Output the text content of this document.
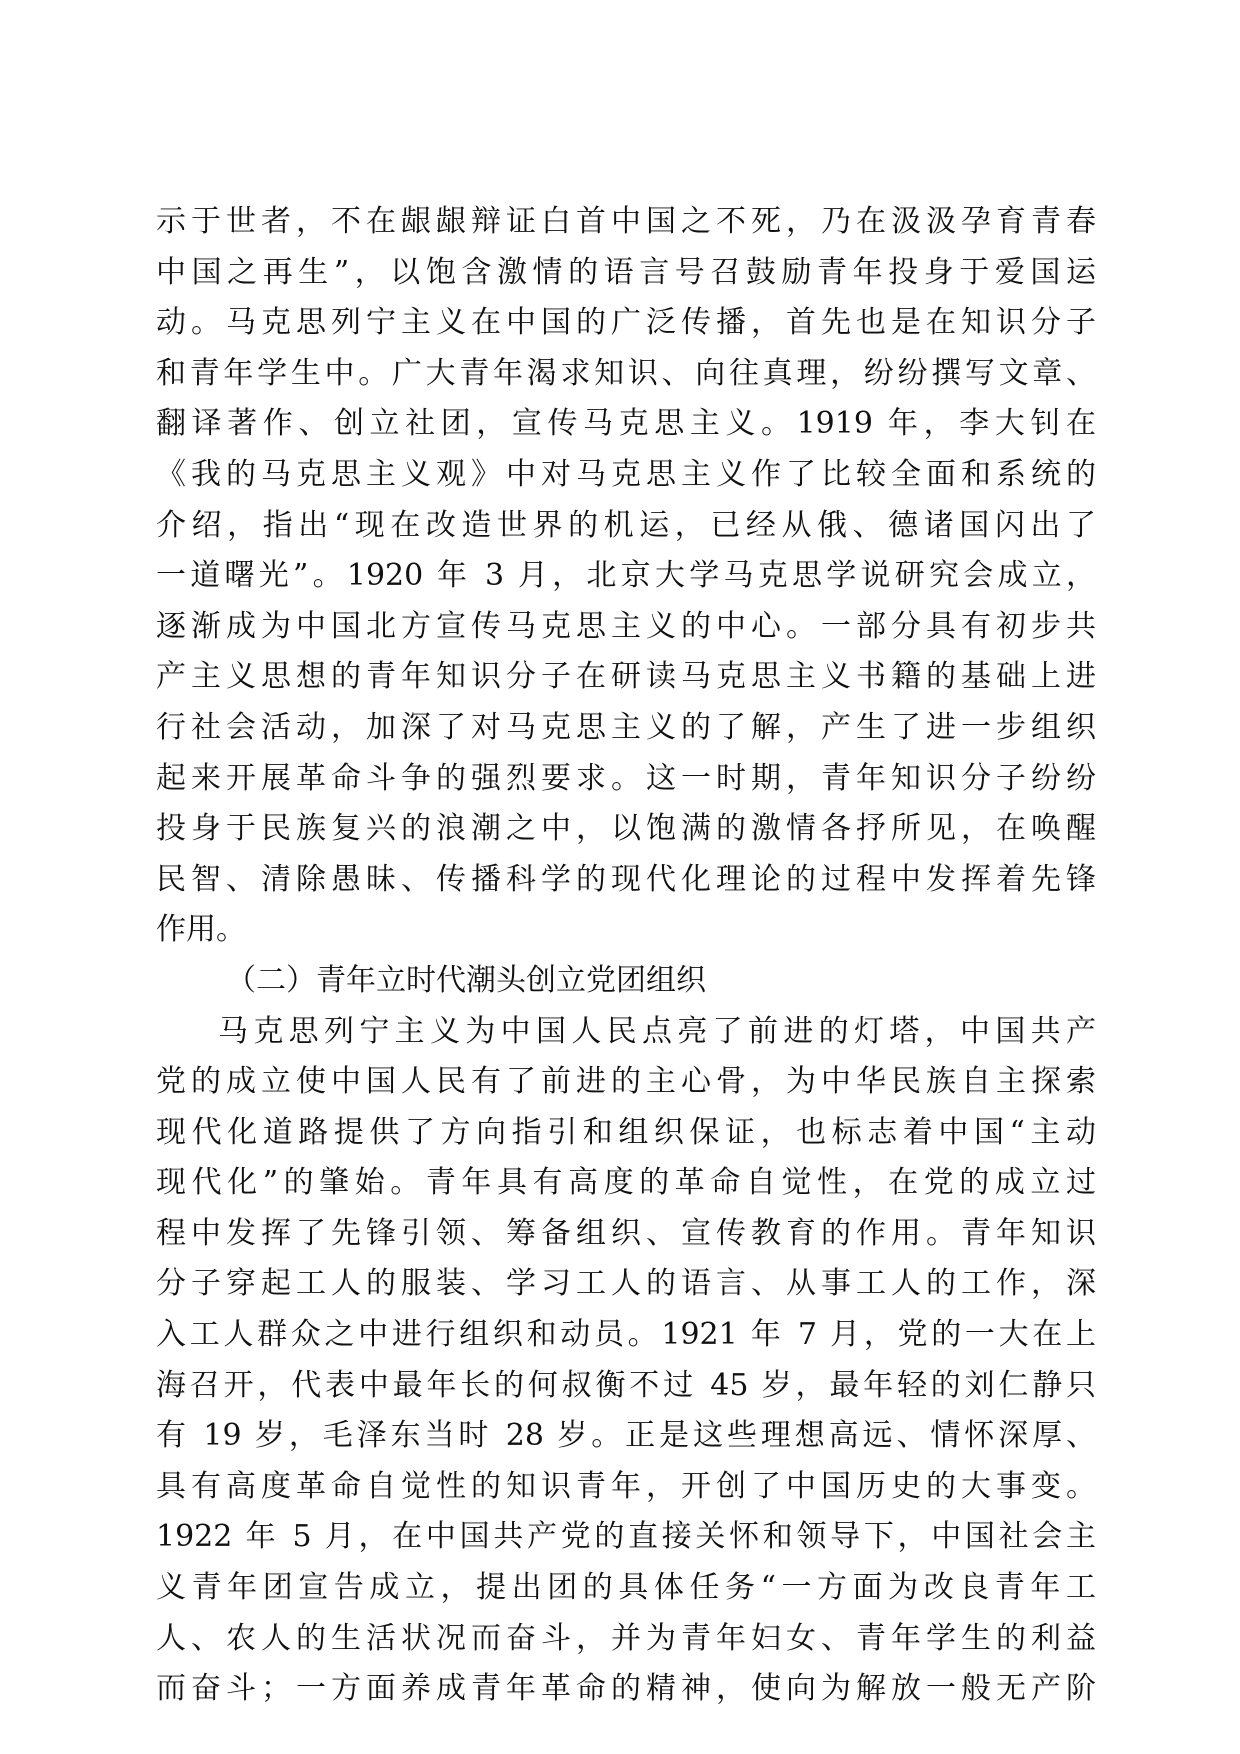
示于世者，不在龈龈辩证白首中国之不死，乃在汲汲孕育青春
中国之再生”，以饱含激情的语言号召鼓励青年投身于爱国运
动。马克思列宁主义在中国的广泛传播，首先也是在知识分子
和青年学生中。广大青年渴求知识、向往真理，纷纷撰写文章、
翻译著作、创立社团，宣传马克思主义。1919 年，李大钊在
《我的马克思主义观》中对马克思主义作了比较全面和系统的
介绍，指出“现在改造世界的机运，已经从俄、德诸国闪出了
一道曙光”。1920 年 3 月，北京大学马克思学说研究会成立，
逐渐成为中国北方宣传马克思主义的中心。一部分具有初步共
产主义思想的青年知识分子在研读马克思主义书籍的基础上进
行社会活动，加深了对马克思主义的了解，产生了进一步组织
起来开展革命斗争的强烈要求。这一时期，青年知识分子纷纷
投身于民族复兴的浪潮之中，以饱满的激情各抒所见，在唤醒
民智、清除愚昧、传播科学的现代化理论的过程中发挥着先锋
作用。
（二）青年立时代潮头创立党团组织
马克思列宁主义为中国人民点亮了前进的灯塔，中国共产
党的成立使中国人民有了前进的主心骨，为中华民族自主探索
现代化道路提供了方向指引和组织保证，也标志着中国“主动
现代化”的肇始。青年具有高度的革命自觉性，在党的成立过
程中发挥了先锋引领、筹备组织、宣传教育的作用。青年知识
分子穿起工人的服装、学习工人的语言、从事工人的工作，深
入工人群众之中进行组织和动员。1921 年 7 月，党的一大在上
海召开，代表中最年长的何叔衡不过 45 岁，最年轻的刘仁静只
有 19 岁，毛泽东当时 28 岁。正是这些理想高远、情怀深厚、
具有高度革命自觉性的知识青年，开创了中国历史的大事变。
1922 年 5 月，在中国共产党的直接关怀和领导下，中国社会主
义青年团宣告成立，提出团的具体任务“一方面为改良青年工
人、农人的生活状况而奋斗，并为青年妇女、青年学生的利益
而奋斗；一方面养成青年革命的精神，使向为解放一般无产阶
